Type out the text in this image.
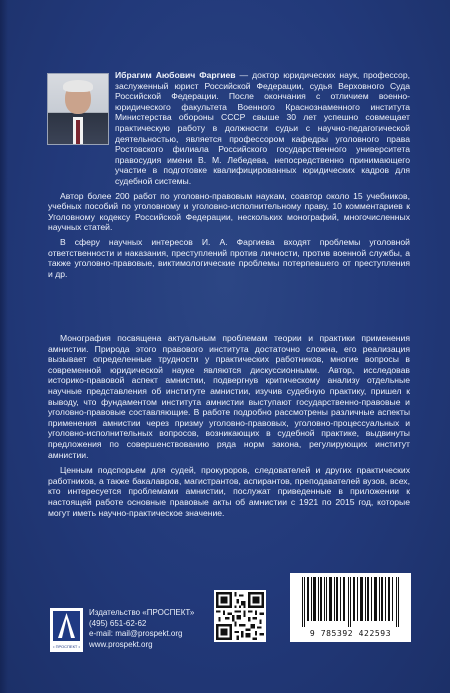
Ибрагим Аюбович Фаргиев — доктор юридических наук, профессор, заслуженный юрист Российской Федерации, судья Верховного Суда Российской Федерации. После окончания с отличием военно-юридического факультета Военного Краснознаменного института Министерства обороны СССР свыше 30 лет успешно совмещает практическую работу в должности судьи с научно-педагогической деятельностью, является профессором кафедры уголовного права Ростовского филиала Российского государственного университета правосудия имени В. М. Лебедева, непосредственно принимающего участие в подготовке квалифицированных юридических кадров для судебной системы.

Автор более 200 работ по уголовно-правовым наукам, соавтор около 15 учебников, учебных пособий по уголовному и уголовно-исполнительному праву, 10 комментариев к Уголовному кодексу Российской Федерации, нескольких монографий, многочисленных научных статей.

В сферу научных интересов И. А. Фаргиева входят проблемы уголовной ответственности и наказания, преступлений против личности, против военной службы, а также уголовно-правовые, виктимологические проблемы потерпевшего от преступления и др.

Монография посвящена актуальным проблемам теории и практики применения амнистии. Природа этого правового института достаточно сложна, его реализация вызывает определенные трудности у практических работников, многие вопросы в современной юридической науке являются дискуссионными. Автор, исследовав историко-правовой аспект амнистии, подвергнув критическому анализу отдельные научные представления об институте амнистии, изучив судебную практику, пришел к выводу, что фундаментом института амнистии выступают государственно-правовые и уголовно-правовые составляющие. В работе подробно рассмотрены различные аспекты применения амнистии через призму уголовно-правовых, уголовно-процессуальных и уголовно-исполнительных вопросов, возникающих в судебной практике, выдвинуты предложения по совершенствованию ряда норм закона, регулирующих институт амнистии.

Ценным подспорьем для судей, прокуроров, следователей и других практических работников, а также бакалавров, магистрантов, аспирантов, преподавателей вузов, всех, кто интересуется проблемами амнистии, послужат приведенные в приложении к настоящей работе основные правовые акты об амнистии с 1921 по 2015 год, которые могут иметь научно-практическое значение.

• ПРОСПЕКТ •
Издательство «ПРОСПЕКТ»
(495) 651-62-62
e-mail: mail@prospekt.org
www.prospekt.org
9 785392 422593
